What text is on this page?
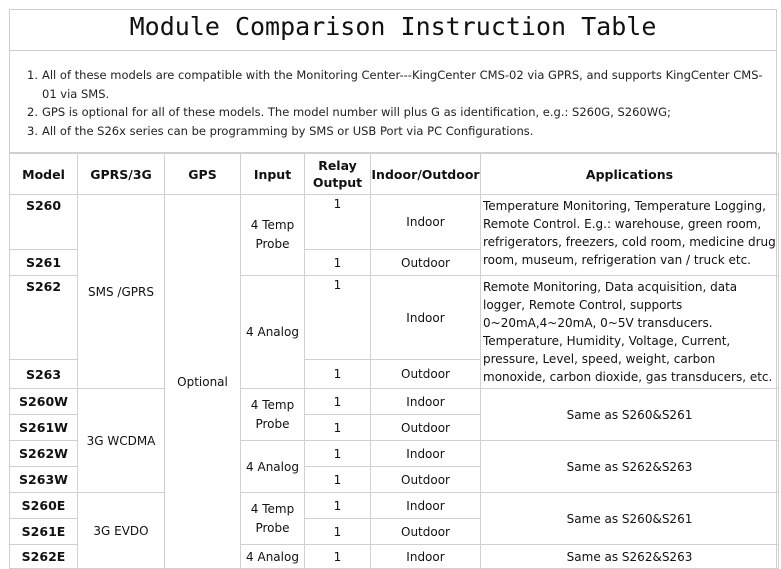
Module Comparison Instruction Table
1. All of these models are compatible with the Monitoring Center---KingCenter CMS-02 via GPRS, and supports KingCenter CMS-01 via SMS.
2. GPS is optional for all of these models. The model number will plus G as identification, e.g.: S260G, S260WG;
3. All of the S26x series can be programming by SMS or USB Port via PC Configurations.
Model	GPRS/3G	GPS	Input	Relay Output	Indoor/Outdoor	Applications
S260	SMS /GPRS	Optional	4 Temp Probe	1	Indoor	Temperature Monitoring, Temperature Logging, Remote Control. E.g.: warehouse, green room, refrigerators, freezers, cold room, medicine drug room, museum, refrigeration van / truck etc.
S261				1	Outdoor	
S262			4 Analog	1	Indoor	Remote Monitoring, Data acquisition, data logger, Remote Control, supports 0~20mA,4~20mA, 0~5V transducers. Temperature, Humidity, Voltage, Current, pressure, Level, speed, weight, carbon monoxide, carbon dioxide, gas transducers, etc.
S263				1	Outdoor	
S260W	3G WCDMA		4 Temp Probe	1	Indoor	Same as S260&S261
S261W				1	Outdoor	
S262W			4 Analog	1	Indoor	Same as S262&S263
S263W				1	Outdoor	
S260E	3G EVDO		4 Temp Probe	1	Indoor	Same as S260&S261
S261E				1	Outdoor	
S262E			4 Analog	1	Indoor	Same as S262&S263
